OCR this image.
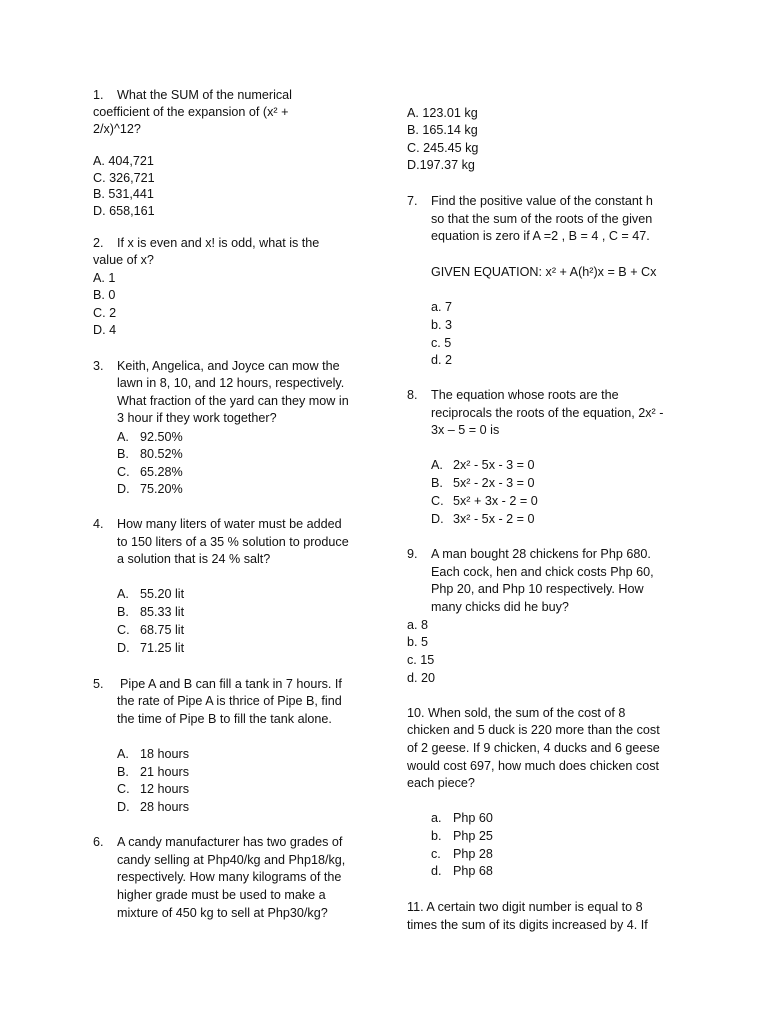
1. What the SUM of the numerical
coefficient of the expansion of (x² +
2/x)^12?
A. 404,721
C. 326,721
B. 531,441
D. 658,161
2. If x is even and x! is odd, what is the
value of x?
A. 1
B. 0
C. 2
D. 4
3. Keith, Angelica, and Joyce can mow the
lawn in 8, 10, and 12 hours, respectively.
What fraction of the yard can they mow in
3 hour if they work together?
A. 92.50%
B. 80.52%
C. 65.28%
D. 75.20%
4. How many liters of water must be added
to 150 liters of a 35 % solution to produce
a solution that is 24 % salt?
A. 55.20 lit
B. 85.33 lit
C. 68.75 lit
D. 71.25 lit
5. Pipe A and B can fill a tank in 7 hours. If
the rate of Pipe A is thrice of Pipe B, find
the time of Pipe B to fill the tank alone.
A. 18 hours
B. 21 hours
C. 12 hours
D. 28 hours
6. A candy manufacturer has two grades of
candy selling at Php40/kg and Php18/kg,
respectively. How many kilograms of the
higher grade must be used to make a
mixture of 450 kg to sell at Php30/kg?
A. 123.01 kg
B. 165.14 kg
C. 245.45 kg
D.197.37 kg
7. Find the positive value of the constant h
so that the sum of the roots of the given
equation is zero if A =2 , B = 4 , C = 47.
GIVEN EQUATION: x² + A(h²)x = B + Cx
a. 7
b. 3
c. 5
d. 2
8. The equation whose roots are the
reciprocals the roots of the equation, 2x² -
3x – 5 = 0 is
A. 2x² - 5x - 3 = 0
B. 5x² - 2x - 3 = 0
C. 5x² + 3x - 2 = 0
D. 3x² - 5x - 2 = 0
9. A man bought 28 chickens for Php 680.
Each cock, hen and chick costs Php 60,
Php 20, and Php 10 respectively. How
many chicks did he buy?
a. 8
b. 5
c. 15
d. 20
10. When sold, the sum of the cost of 8
chicken and 5 duck is 220 more than the cost
of 2 geese. If 9 chicken, 4 ducks and 6 geese
would cost 697, how much does chicken cost
each piece?
a. Php 60
b. Php 25
c. Php 28
d. Php 68
11. A certain two digit number is equal to 8
times the sum of its digits increased by 4. If
